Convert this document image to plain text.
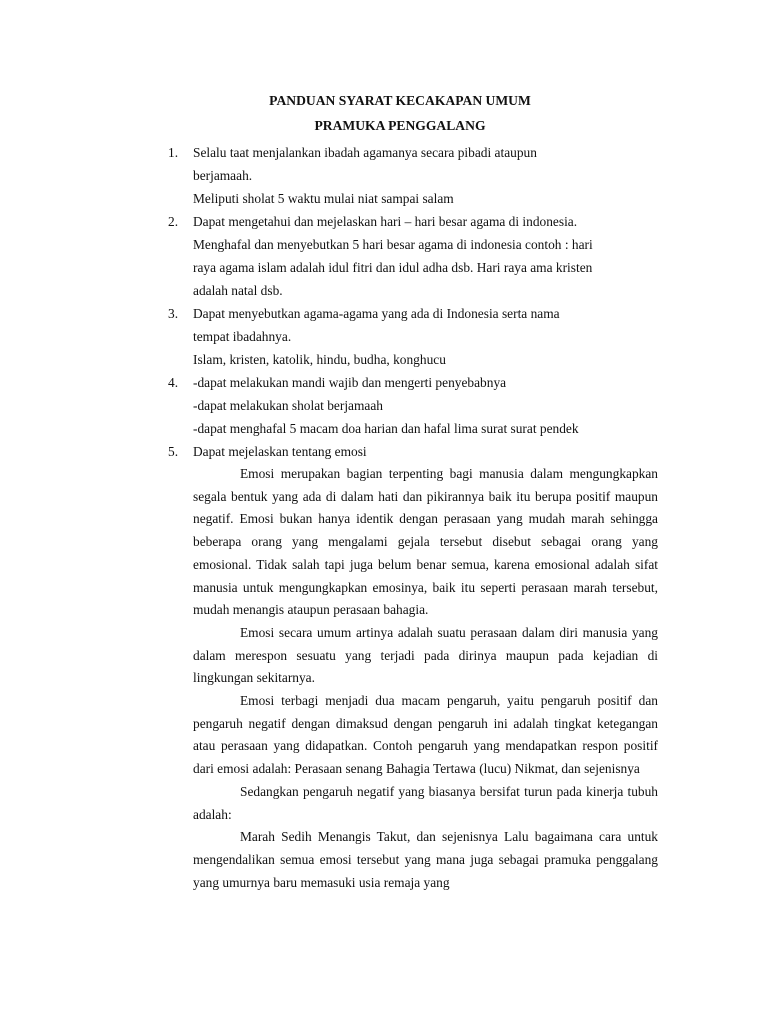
PANDUAN SYARAT KECAKAPAN UMUM
PRAMUKA PENGGALANG
1.	Selalu taat menjalankan ibadah agamanya secara pibadi ataupun
berjamaah.
Meliputi sholat 5 waktu mulai niat sampai salam
2.	Dapat mengetahui dan mejelaskan hari – hari besar agama di indonesia.
Menghafal dan menyebutkan 5 hari besar agama di indonesia contoh : hari
raya agama islam adalah idul fitri dan idul adha dsb. Hari raya ama kristen
adalah natal dsb.
3.	Dapat menyebutkan agama-agama yang ada di Indonesia serta nama
tempat ibadahnya.
Islam, kristen, katolik, hindu, budha, konghucu
4.	-dapat melakukan mandi wajib dan mengerti penyebabnya
-dapat melakukan sholat berjamaah
-dapat menghafal 5 macam doa harian dan hafal lima surat surat pendek
5.	Dapat mejelaskan tentang emosi

Emosi merupakan bagian terpenting bagi manusia dalam mengungkapkan segala bentuk yang ada di dalam hati dan pikirannya baik itu berupa positif maupun negatif. Emosi bukan hanya identik dengan perasaan yang mudah marah sehingga beberapa orang yang mengalami gejala tersebut disebut sebagai orang yang emosional. Tidak salah tapi juga belum benar semua, karena emosional adalah sifat manusia untuk mengungkapkan emosinya, baik itu seperti perasaan marah tersebut, mudah menangis ataupun perasaan bahagia.

Emosi secara umum artinya adalah suatu perasaan dalam diri manusia yang dalam merespon sesuatu yang terjadi pada dirinya maupun pada kejadian di lingkungan sekitarnya.

Emosi terbagi menjadi dua macam pengaruh, yaitu pengaruh positif dan pengaruh negatif dengan dimaksud dengan pengaruh ini adalah tingkat ketegangan atau perasaan yang didapatkan. Contoh pengaruh yang mendapatkan respon positif dari emosi adalah: Perasaan senang Bahagia Tertawa (lucu) Nikmat, dan sejenisnya

Sedangkan pengaruh negatif yang biasanya bersifat turun pada kinerja tubuh adalah:

Marah Sedih Menangis Takut, dan sejenisnya Lalu bagaimana cara untuk mengendalikan semua emosi tersebut yang mana juga sebagai pramuka penggalang yang umurnya baru memasuki usia remaja yang
